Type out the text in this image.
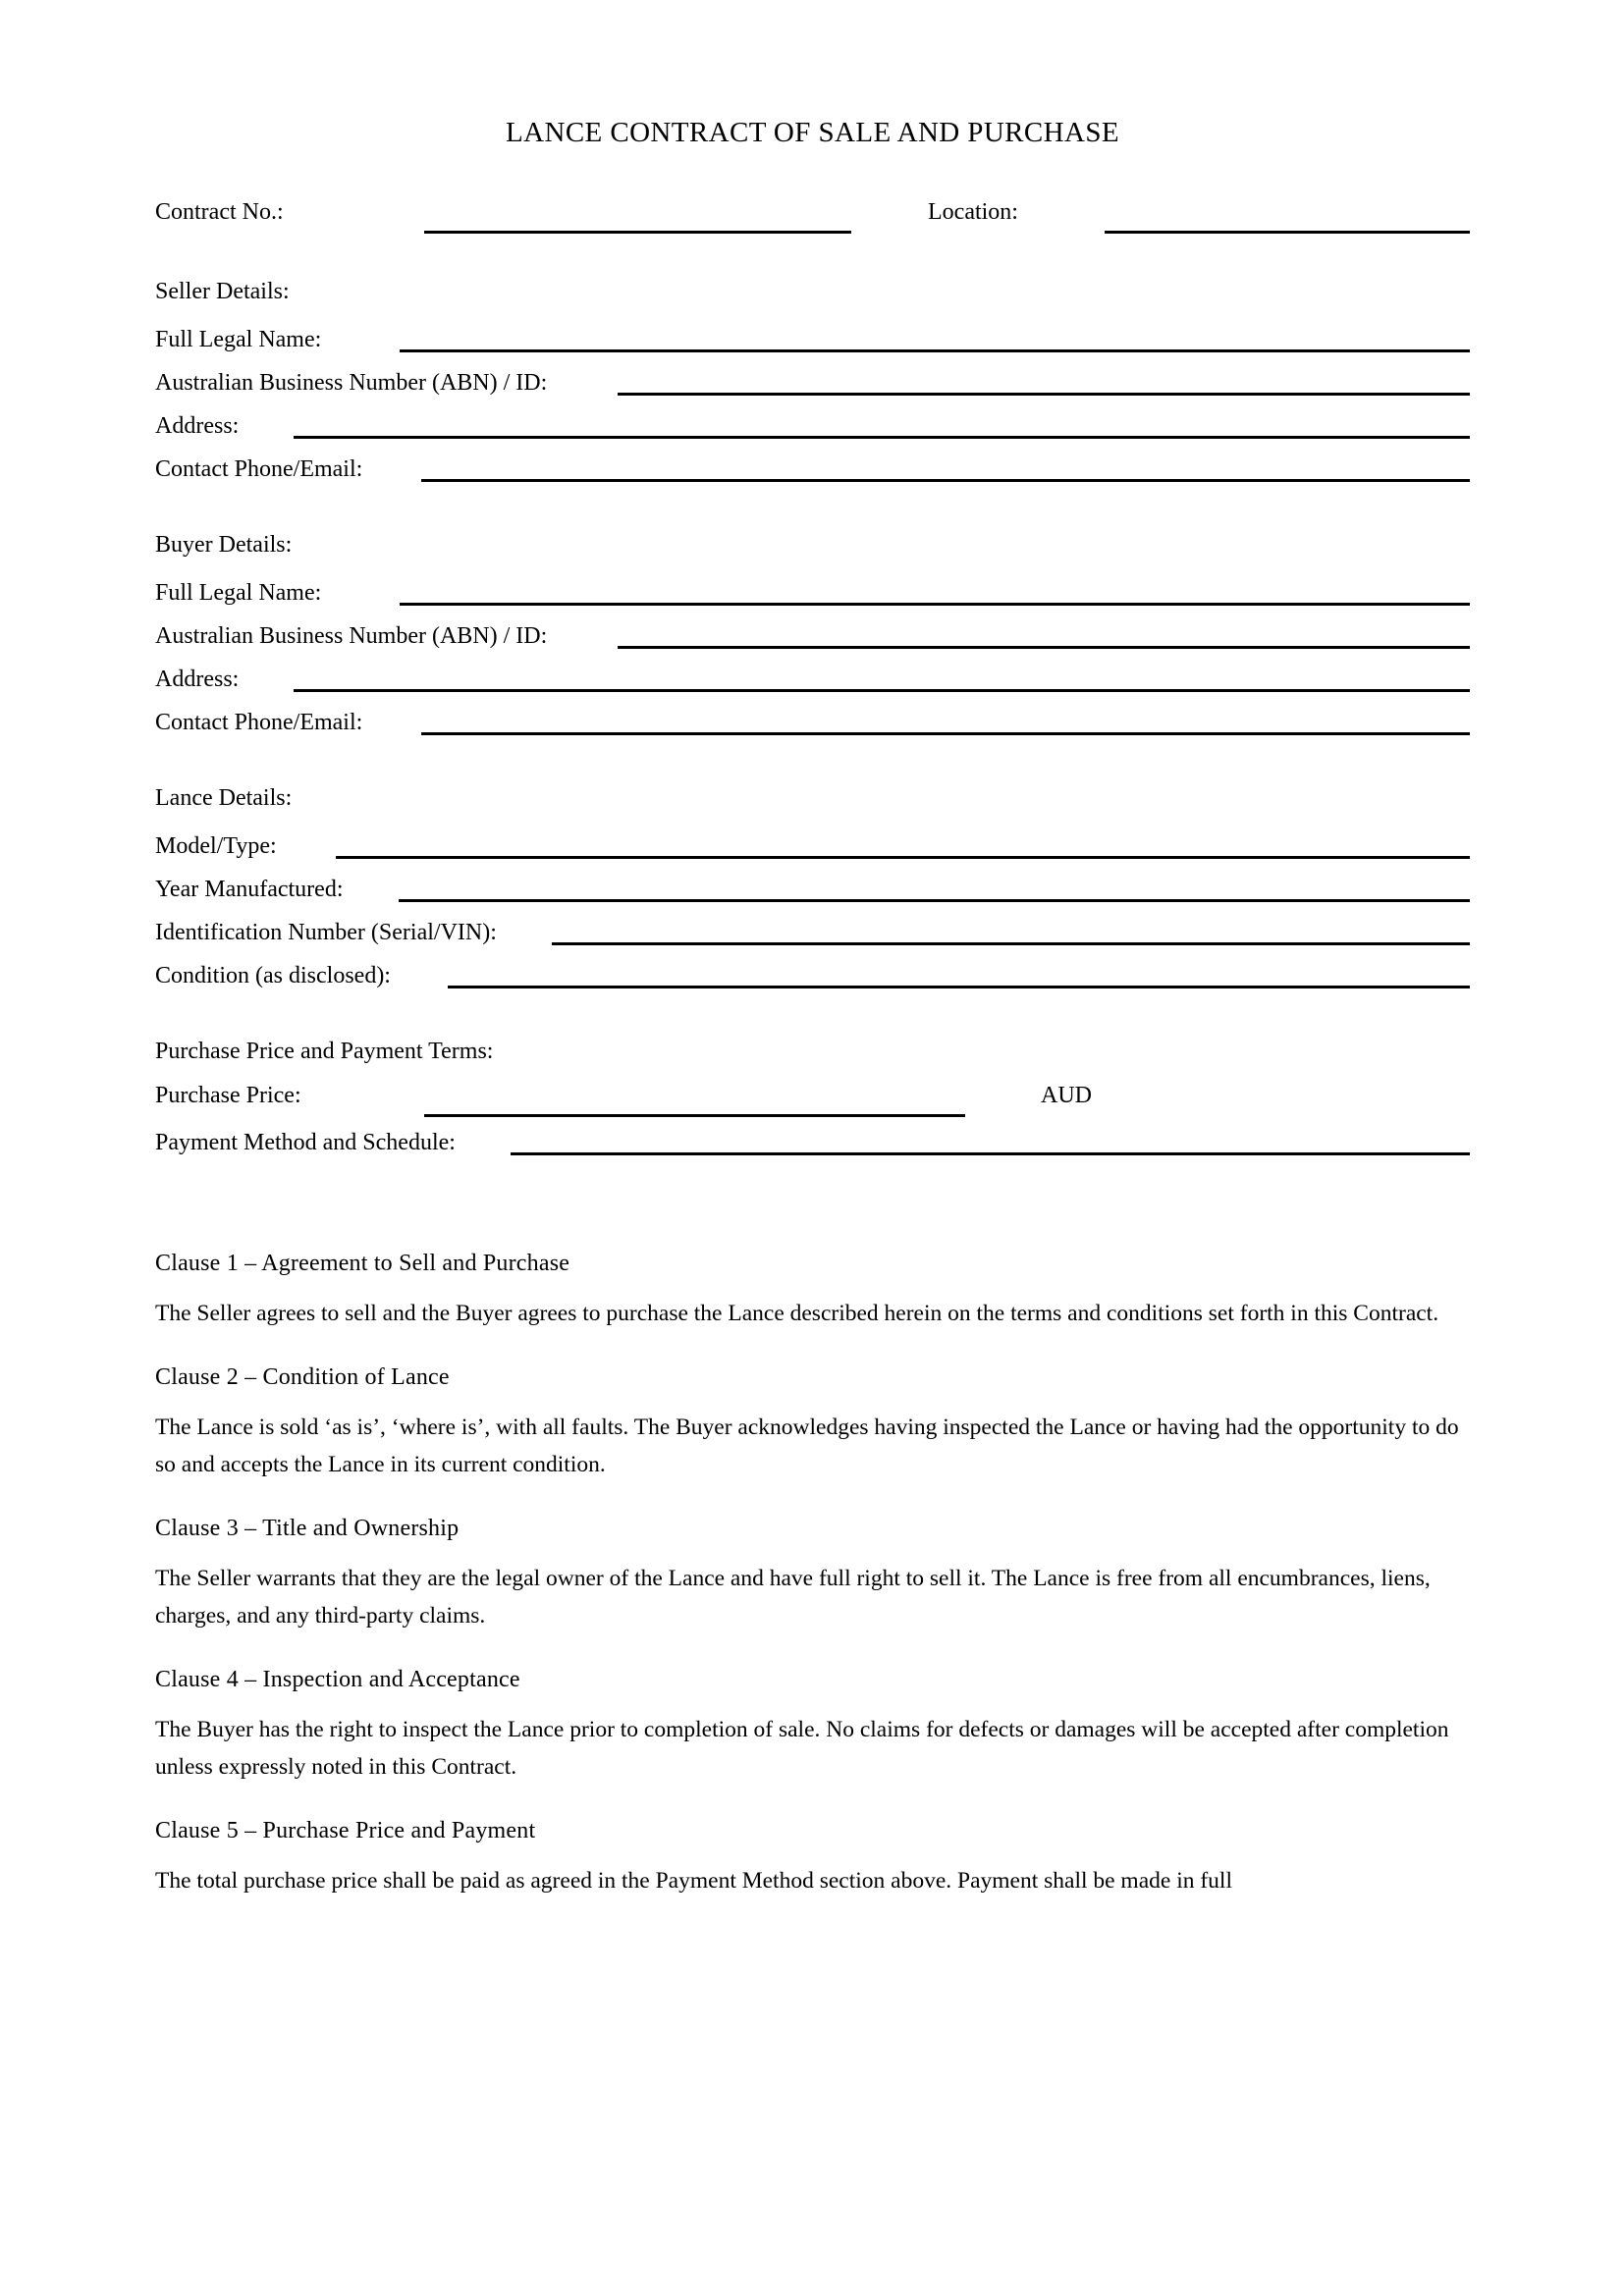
LANCE CONTRACT OF SALE AND PURCHASE
Contract No.:	Location:
Seller Details:
Full Legal Name:
Australian Business Number (ABN) / ID:
Address:
Contact Phone/Email:
Buyer Details:
Full Legal Name:
Australian Business Number (ABN) / ID:
Address:
Contact Phone/Email:
Lance Details:
Model/Type:
Year Manufactured:
Identification Number (Serial/VIN):
Condition (as disclosed):
Purchase Price and Payment Terms:
Purchase Price:	AUD
Payment Method and Schedule:
Clause 1 – Agreement to Sell and Purchase

The Seller agrees to sell and the Buyer agrees to purchase the Lance described herein on the terms and conditions set forth in this Contract.

Clause 2 – Condition of Lance

The Lance is sold ‘as is’, ‘where is’, with all faults. The Buyer acknowledges having inspected the Lance or having had the opportunity to do so and accepts the Lance in its current condition.

Clause 3 – Title and Ownership

The Seller warrants that they are the legal owner of the Lance and have full right to sell it. The Lance is free from all encumbrances, liens, charges, and any third-party claims.

Clause 4 – Inspection and Acceptance

The Buyer has the right to inspect the Lance prior to completion of sale. No claims for defects or damages will be accepted after completion unless expressly noted in this Contract.

Clause 5 – Purchase Price and Payment

The total purchase price shall be paid as agreed in the Payment Method section above. Payment shall be made in full
